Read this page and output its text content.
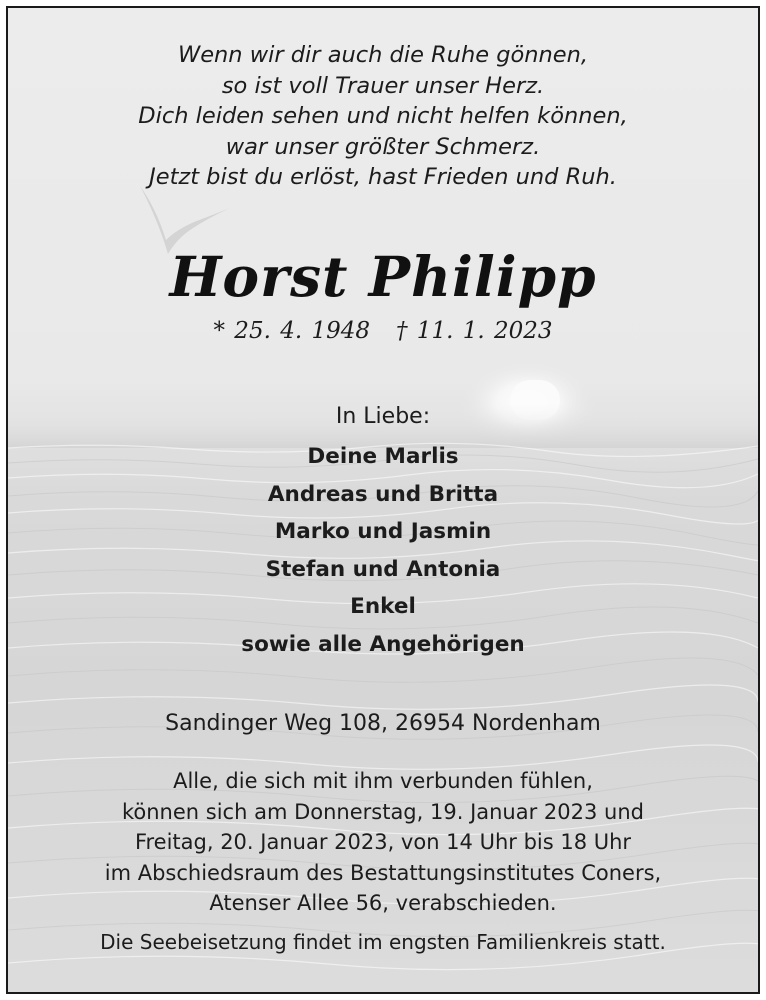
Wenn wir dir auch die Ruhe gönnen,
so ist voll Trauer unser Herz.
Dich leiden sehen und nicht helfen können,
war unser größter Schmerz.
Jetzt bist du erlöst, hast Frieden und Ruh.
Horst Philipp
* 25. 4. 1948 † 11. 1. 2023
In Liebe:
Deine Marlis
Andreas und Britta
Marko und Jasmin
Stefan und Antonia
Enkel
sowie alle Angehörigen
Sandinger Weg 108, 26954 Nordenham
Alle, die sich mit ihm verbunden fühlen,
können sich am Donnerstag, 19. Januar 2023 und
Freitag, 20. Januar 2023, von 14 Uhr bis 18 Uhr
im Abschiedsraum des Bestattungsinstitutes Coners,
Atenser Allee 56, verabschieden.
Die Seebeisetzung findet im engsten Familienkreis statt.
